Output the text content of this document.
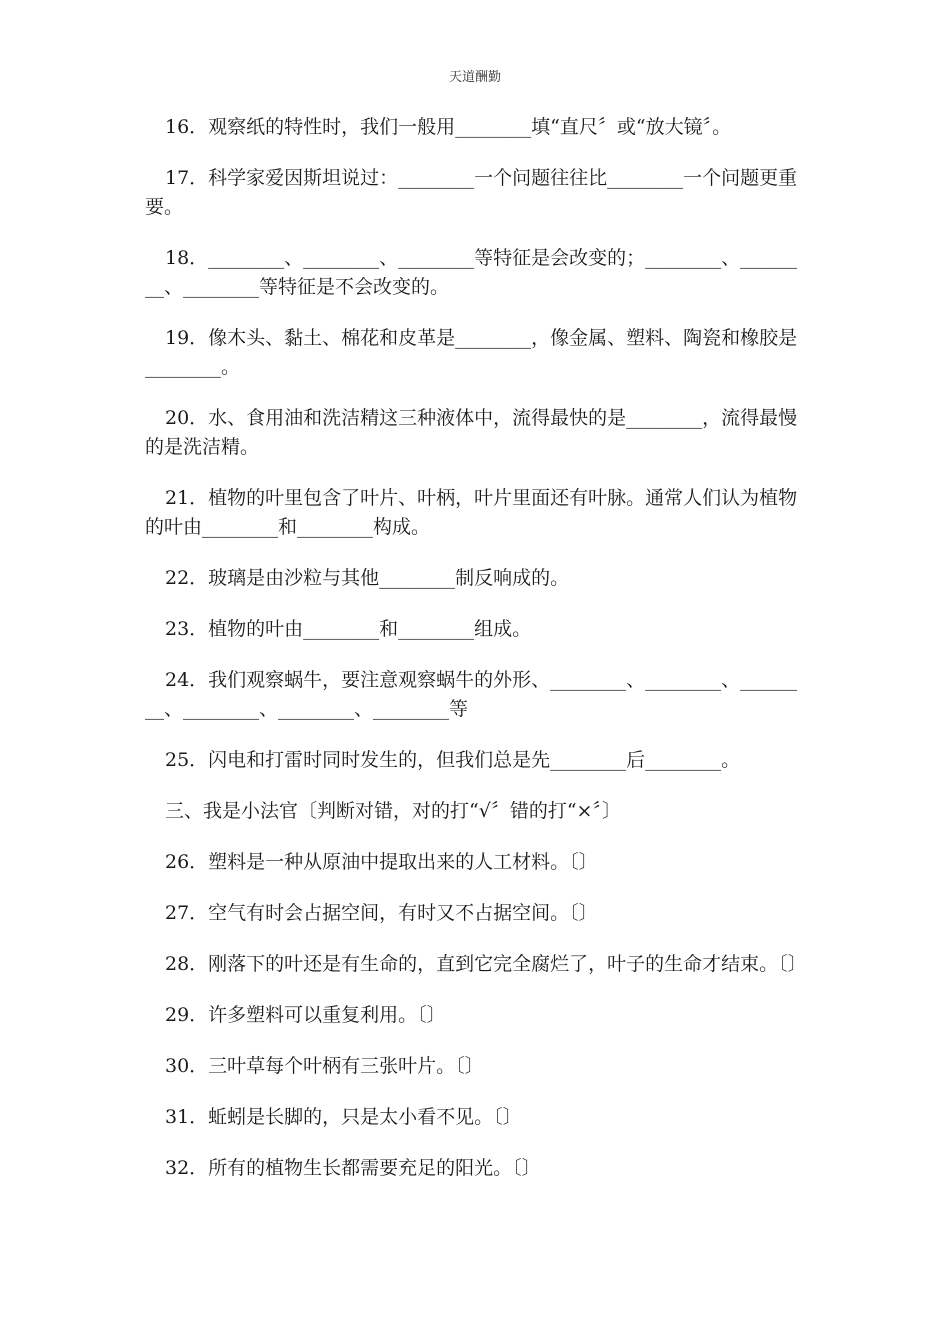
天道酬勤

16．观察纸的特性时，我们一般用________填“直尺〞或“放大镜〞。

17．科学家爱因斯坦说过：________一个问题往往比________一个问题更重要。

18．________、________、________等特征是会改变的；________、________、________等特征是不会改变的。

19．像木头、黏土、棉花和皮革是________，像金属、塑料、陶瓷和橡胶是________。

20．水、食用油和洗洁精这三种液体中，流得最快的是________，流得最慢的是洗洁精。

21．植物的叶里包含了叶片、叶柄，叶片里面还有叶脉。通常人们认为植物的叶由________和________构成。

22．玻璃是由沙粒与其他________制反响成的。

23．植物的叶由________和________组成。

24．我们观察蜗牛，要注意观察蜗牛的外形、________、________、________、________、________、________等

25．闪电和打雷时同时发生的，但我们总是先________后________。

三、我是小法官〔判断对错，对的打“√〞错的打“×〞〕

26．塑料是一种从原油中提取出来的人工材料。〔〕

27．空气有时会占据空间，有时又不占据空间。〔〕

28．刚落下的叶还是有生命的，直到它完全腐烂了，叶子的生命才结束。〔〕

29．许多塑料可以重复利用。〔〕

30．三叶草每个叶柄有三张叶片。〔〕

31．蚯蚓是长脚的，只是太小看不见。〔〕

32．所有的植物生长都需要充足的阳光。〔〕
